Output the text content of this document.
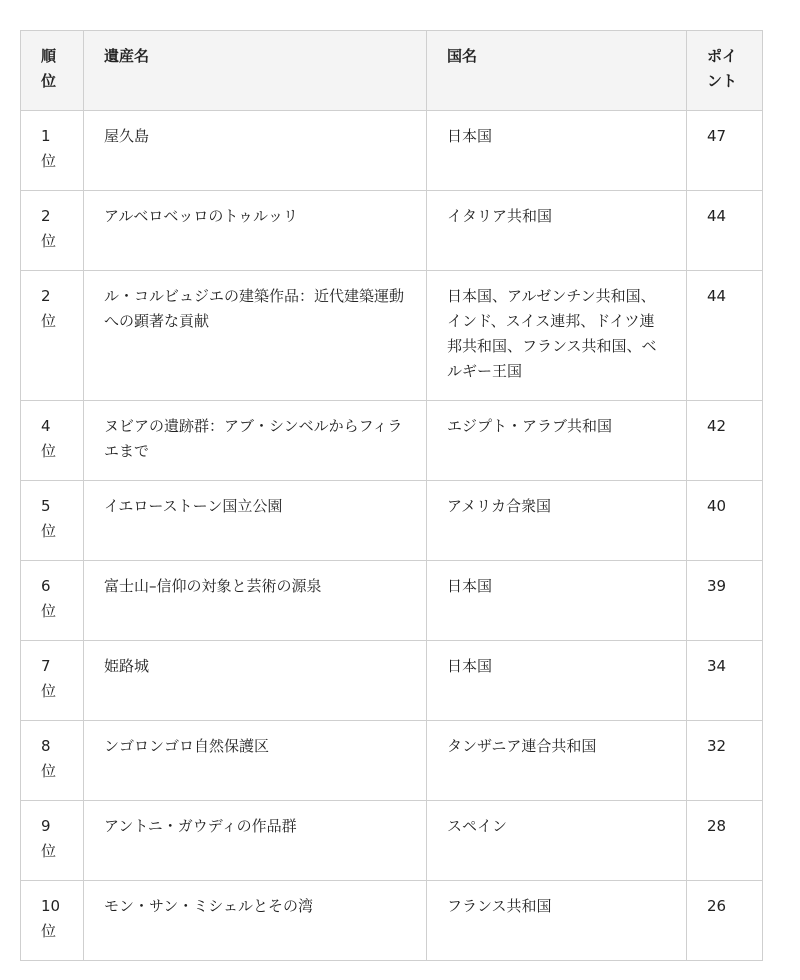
順位	遺産名	国名	ポイント
1位	屋久島	日本国	47
2位	アルベロベッロのトゥルッリ	イタリア共和国	44
2位	ル・コルビュジエの建築作品：近代建築運動への顕著な貢献	日本国、アルゼンチン共和国、インド、スイス連邦、ドイツ連邦共和国、フランス共和国、ベルギー王国	44
4位	ヌビアの遺跡群：アブ・シンベルからフィラエまで	エジプト・アラブ共和国	42
5位	イエローストーン国立公園	アメリカ合衆国	40
6位	富士山–信仰の対象と芸術の源泉	日本国	39
7位	姫路城	日本国	34
8位	ンゴロンゴロ自然保護区	タンザニア連合共和国	32
9位	アントニ・ガウディの作品群	スペイン	28
10位	モン・サン・ミシェルとその湾	フランス共和国	26
